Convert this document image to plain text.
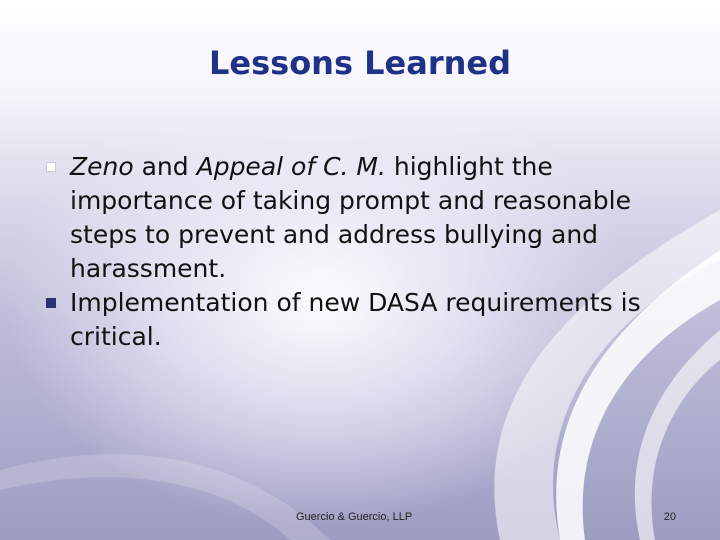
Lessons Learned
Zeno and Appeal of C. M. highlight the importance of taking prompt and reasonable steps to prevent and address bullying and harassment.
Implementation of new DASA requirements is critical.
Guercio & Guercio, LLP	20
